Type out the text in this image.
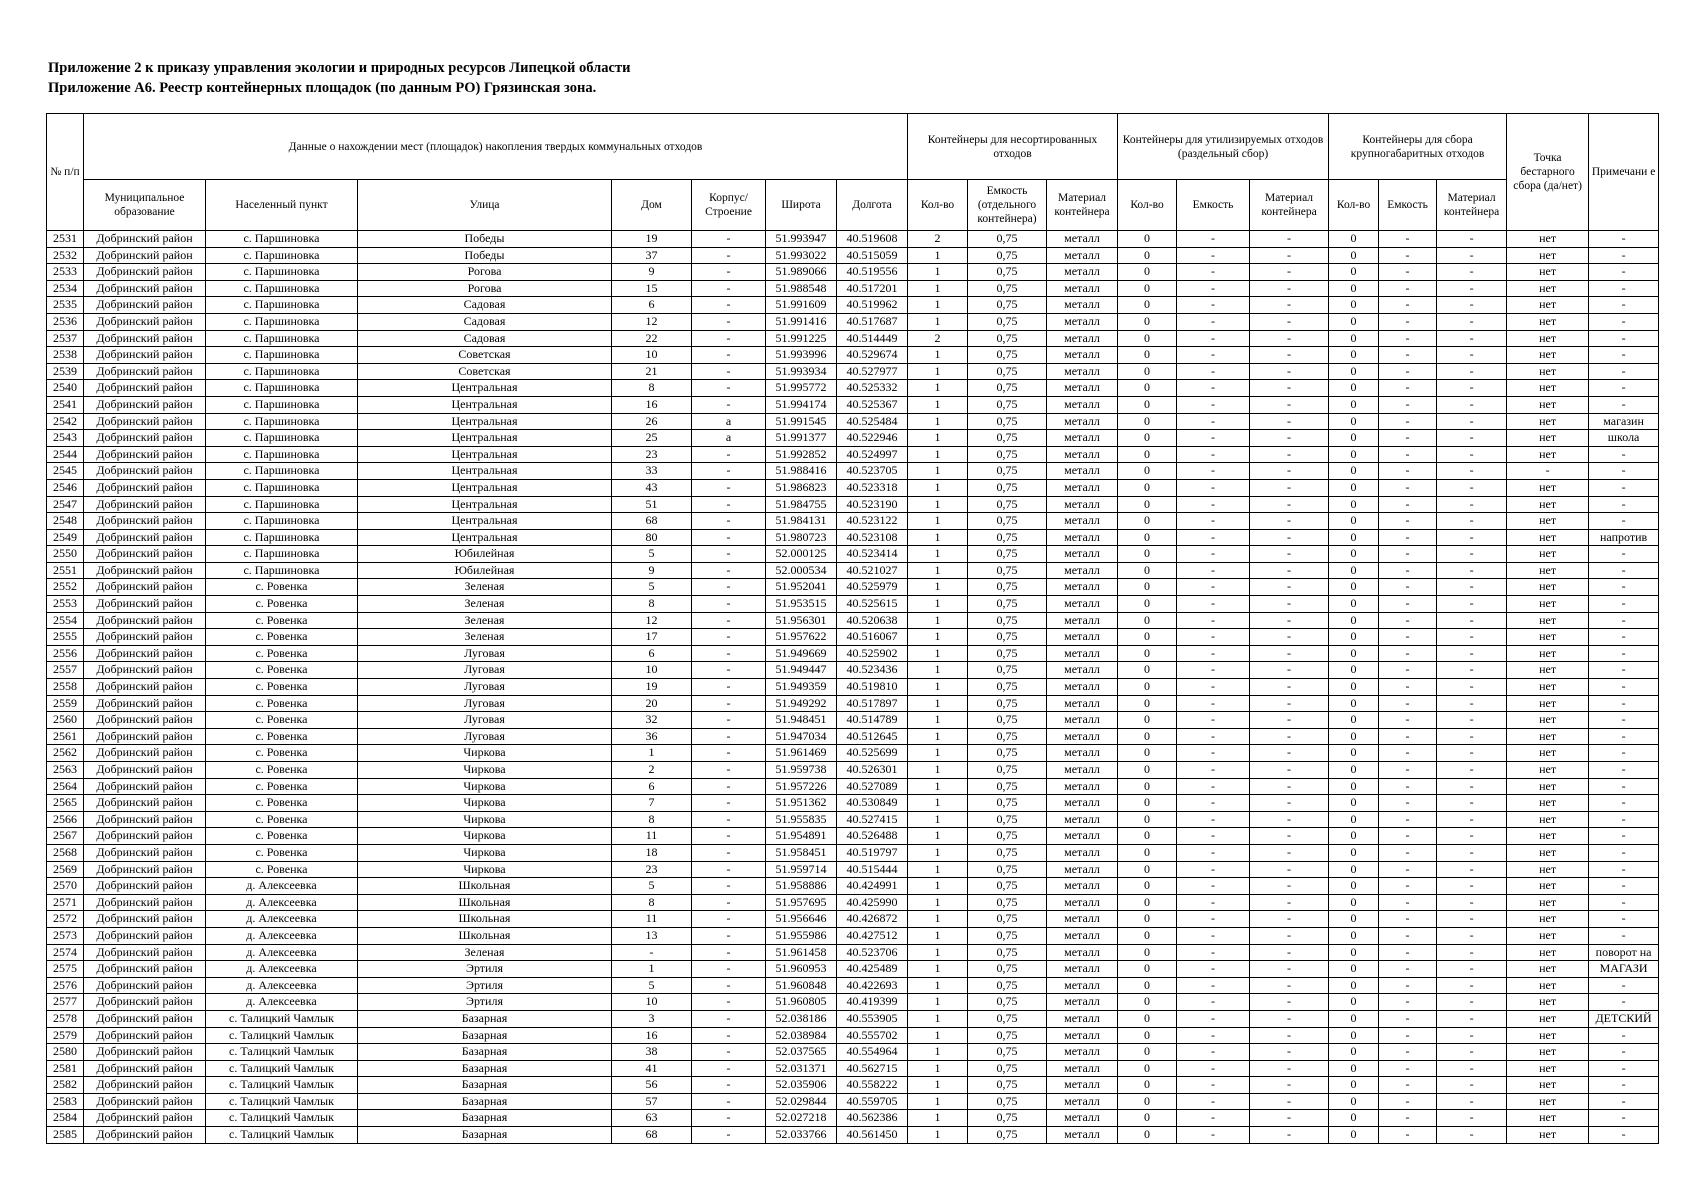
Приложение 2 к приказу управления экологии и природных ресурсов Липецкой области
Приложение А6. Реестр контейнерных площадок (по данным РО) Грязинская зона.
№ п/п	Данные о нахождении мест (площадок) накопления твердых коммунальных отходов							Контейнеры для несортированных отходов			Контейнеры для утилизируемых отходов (раздельный сбор)			Контейнеры для сбора крупногабаритных отходов			Точка бестарного сбора (да/нет)	Примечани е
	Муниципальное образование	Населенный пункт	Улица	Дом	Корпус/ Строение	Широта	Долгота	Кол-во	Емкость (отдельного контейнера)	Материал контейнера	Кол-во	Емкость	Материал контейнера	Кол-во	Емкость	Материал контейнера		
2531	Добринский район	с. Паршиновка	Победы	19	-	51.993947	40.519608	2	0,75	металл	0	-	-	0	-	-	нет	-
2532	Добринский район	с. Паршиновка	Победы	37	-	51.993022	40.515059	1	0,75	металл	0	-	-	0	-	-	нет	-
2533	Добринский район	с. Паршиновка	Рогова	9	-	51.989066	40.519556	1	0,75	металл	0	-	-	0	-	-	нет	-
2534	Добринский район	с. Паршиновка	Рогова	15	-	51.988548	40.517201	1	0,75	металл	0	-	-	0	-	-	нет	-
2535	Добринский район	с. Паршиновка	Садовая	6	-	51.991609	40.519962	1	0,75	металл	0	-	-	0	-	-	нет	-
2536	Добринский район	с. Паршиновка	Садовая	12	-	51.991416	40.517687	1	0,75	металл	0	-	-	0	-	-	нет	-
2537	Добринский район	с. Паршиновка	Садовая	22	-	51.991225	40.514449	2	0,75	металл	0	-	-	0	-	-	нет	-
2538	Добринский район	с. Паршиновка	Советская	10	-	51.993996	40.529674	1	0,75	металл	0	-	-	0	-	-	нет	-
2539	Добринский район	с. Паршиновка	Советская	21	-	51.993934	40.527977	1	0,75	металл	0	-	-	0	-	-	нет	-
2540	Добринский район	с. Паршиновка	Центральная	8	-	51.995772	40.525332	1	0,75	металл	0	-	-	0	-	-	нет	-
2541	Добринский район	с. Паршиновка	Центральная	16	-	51.994174	40.525367	1	0,75	металл	0	-	-	0	-	-	нет	-
2542	Добринский район	с. Паршиновка	Центральная	26	а	51.991545	40.525484	1	0,75	металл	0	-	-	0	-	-	нет	магазин
2543	Добринский район	с. Паршиновка	Центральная	25	а	51.991377	40.522946	1	0,75	металл	0	-	-	0	-	-	нет	школа
2544	Добринский район	с. Паршиновка	Центральная	23	-	51.992852	40.524997	1	0,75	металл	0	-	-	0	-	-	нет	-
2545	Добринский район	с. Паршиновка	Центральная	33	-	51.988416	40.523705	1	0,75	металл	0	-	-	0	-	-	-	-
2546	Добринский район	с. Паршиновка	Центральная	43	-	51.986823	40.523318	1	0,75	металл	0	-	-	0	-	-	нет	-
2547	Добринский район	с. Паршиновка	Центральная	51	-	51.984755	40.523190	1	0,75	металл	0	-	-	0	-	-	нет	-
2548	Добринский район	с. Паршиновка	Центральная	68	-	51.984131	40.523122	1	0,75	металл	0	-	-	0	-	-	нет	-
2549	Добринский район	с. Паршиновка	Центральная	80	-	51.980723	40.523108	1	0,75	металл	0	-	-	0	-	-	нет	напротив
2550	Добринский район	с. Паршиновка	Юбилейная	5	-	52.000125	40.523414	1	0,75	металл	0	-	-	0	-	-	нет	-
2551	Добринский район	с. Паршиновка	Юбилейная	9	-	52.000534	40.521027	1	0,75	металл	0	-	-	0	-	-	нет	-
2552	Добринский район	с. Ровенка	Зеленая	5	-	51.952041	40.525979	1	0,75	металл	0	-	-	0	-	-	нет	-
2553	Добринский район	с. Ровенка	Зеленая	8	-	51.953515	40.525615	1	0,75	металл	0	-	-	0	-	-	нет	-
2554	Добринский район	с. Ровенка	Зеленая	12	-	51.956301	40.520638	1	0,75	металл	0	-	-	0	-	-	нет	-
2555	Добринский район	с. Ровенка	Зеленая	17	-	51.957622	40.516067	1	0,75	металл	0	-	-	0	-	-	нет	-
2556	Добринский район	с. Ровенка	Луговая	6	-	51.949669	40.525902	1	0,75	металл	0	-	-	0	-	-	нет	-
2557	Добринский район	с. Ровенка	Луговая	10	-	51.949447	40.523436	1	0,75	металл	0	-	-	0	-	-	нет	-
2558	Добринский район	с. Ровенка	Луговая	19	-	51.949359	40.519810	1	0,75	металл	0	-	-	0	-	-	нет	-
2559	Добринский район	с. Ровенка	Луговая	20	-	51.949292	40.517897	1	0,75	металл	0	-	-	0	-	-	нет	-
2560	Добринский район	с. Ровенка	Луговая	32	-	51.948451	40.514789	1	0,75	металл	0	-	-	0	-	-	нет	-
2561	Добринский район	с. Ровенка	Луговая	36	-	51.947034	40.512645	1	0,75	металл	0	-	-	0	-	-	нет	-
2562	Добринский район	с. Ровенка	Чиркова	1	-	51.961469	40.525699	1	0,75	металл	0	-	-	0	-	-	нет	-
2563	Добринский район	с. Ровенка	Чиркова	2	-	51.959738	40.526301	1	0,75	металл	0	-	-	0	-	-	нет	-
2564	Добринский район	с. Ровенка	Чиркова	6	-	51.957226	40.527089	1	0,75	металл	0	-	-	0	-	-	нет	-
2565	Добринский район	с. Ровенка	Чиркова	7	-	51.951362	40.530849	1	0,75	металл	0	-	-	0	-	-	нет	-
2566	Добринский район	с. Ровенка	Чиркова	8	-	51.955835	40.527415	1	0,75	металл	0	-	-	0	-	-	нет	-
2567	Добринский район	с. Ровенка	Чиркова	11	-	51.954891	40.526488	1	0,75	металл	0	-	-	0	-	-	нет	-
2568	Добринский район	с. Ровенка	Чиркова	18	-	51.958451	40.519797	1	0,75	металл	0	-	-	0	-	-	нет	-
2569	Добринский район	с. Ровенка	Чиркова	23	-	51.959714	40.515444	1	0,75	металл	0	-	-	0	-	-	нет	-
2570	Добринский район	д. Алексеевка	Школьная	5	-	51.958886	40.424991	1	0,75	металл	0	-	-	0	-	-	нет	-
2571	Добринский район	д. Алексеевка	Школьная	8	-	51.957695	40.425990	1	0,75	металл	0	-	-	0	-	-	нет	-
2572	Добринский район	д. Алексеевка	Школьная	11	-	51.956646	40.426872	1	0,75	металл	0	-	-	0	-	-	нет	-
2573	Добринский район	д. Алексеевка	Школьная	13	-	51.955986	40.427512	1	0,75	металл	0	-	-	0	-	-	нет	-
2574	Добринский район	д. Алексеевка	Зеленая	-	-	51.961458	40.523706	1	0,75	металл	0	-	-	0	-	-	нет	поворот на
2575	Добринский район	д. Алексеевка	Эртиля	1	-	51.960953	40.425489	1	0,75	металл	0	-	-	0	-	-	нет	МАГАЗИ
2576	Добринский район	д. Алексеевка	Эртиля	5	-	51.960848	40.422693	1	0,75	металл	0	-	-	0	-	-	нет	-
2577	Добринский район	д. Алексеевка	Эртиля	10	-	51.960805	40.419399	1	0,75	металл	0	-	-	0	-	-	нет	-
2578	Добринский район	с. Талицкий Чамлык	Базарная	3	-	52.038186	40.553905	1	0,75	металл	0	-	-	0	-	-	нет	ДЕТСКИЙ
2579	Добринский район	с. Талицкий Чамлык	Базарная	16	-	52.038984	40.555702	1	0,75	металл	0	-	-	0	-	-	нет	-
2580	Добринский район	с. Талицкий Чамлык	Базарная	38	-	52.037565	40.554964	1	0,75	металл	0	-	-	0	-	-	нет	-
2581	Добринский район	с. Талицкий Чамлык	Базарная	41	-	52.031371	40.562715	1	0,75	металл	0	-	-	0	-	-	нет	-
2582	Добринский район	с. Талицкий Чамлык	Базарная	56	-	52.035906	40.558222	1	0,75	металл	0	-	-	0	-	-	нет	-
2583	Добринский район	с. Талицкий Чамлык	Базарная	57	-	52.029844	40.559705	1	0,75	металл	0	-	-	0	-	-	нет	-
2584	Добринский район	с. Талицкий Чамлык	Базарная	63	-	52.027218	40.562386	1	0,75	металл	0	-	-	0	-	-	нет	-
2585	Добринский район	с. Талицкий Чамлык	Базарная	68	-	52.033766	40.561450	1	0,75	металл	0	-	-	0	-	-	нет	-
